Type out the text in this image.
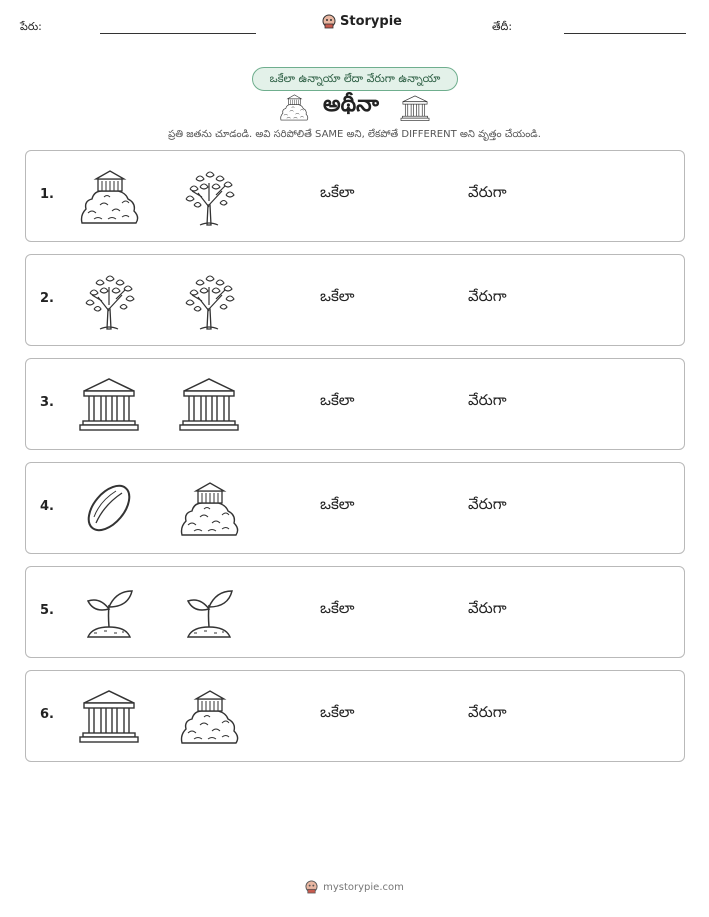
పేరు:	Storypie	తేదీ:
ఒకేలా ఉన్నాయా లేదా వేరుగా ఉన్నాయా
అథీనా
ప్రతి జతను చూడండి. అవి సరిపోలితే SAME అని, లేకపోతే DIFFERENT అని వృత్తం చేయండి.
1.	ఒకేలా	వేరుగా
2.	ఒకేలా	వేరుగా
3.	ఒకేలా	వేరుగా
4.	ఒకేలా	వేరుగా
5.	ఒకేలా	వేరుగా
6.	ఒకేలా	వేరుగా
mystorypie.com
